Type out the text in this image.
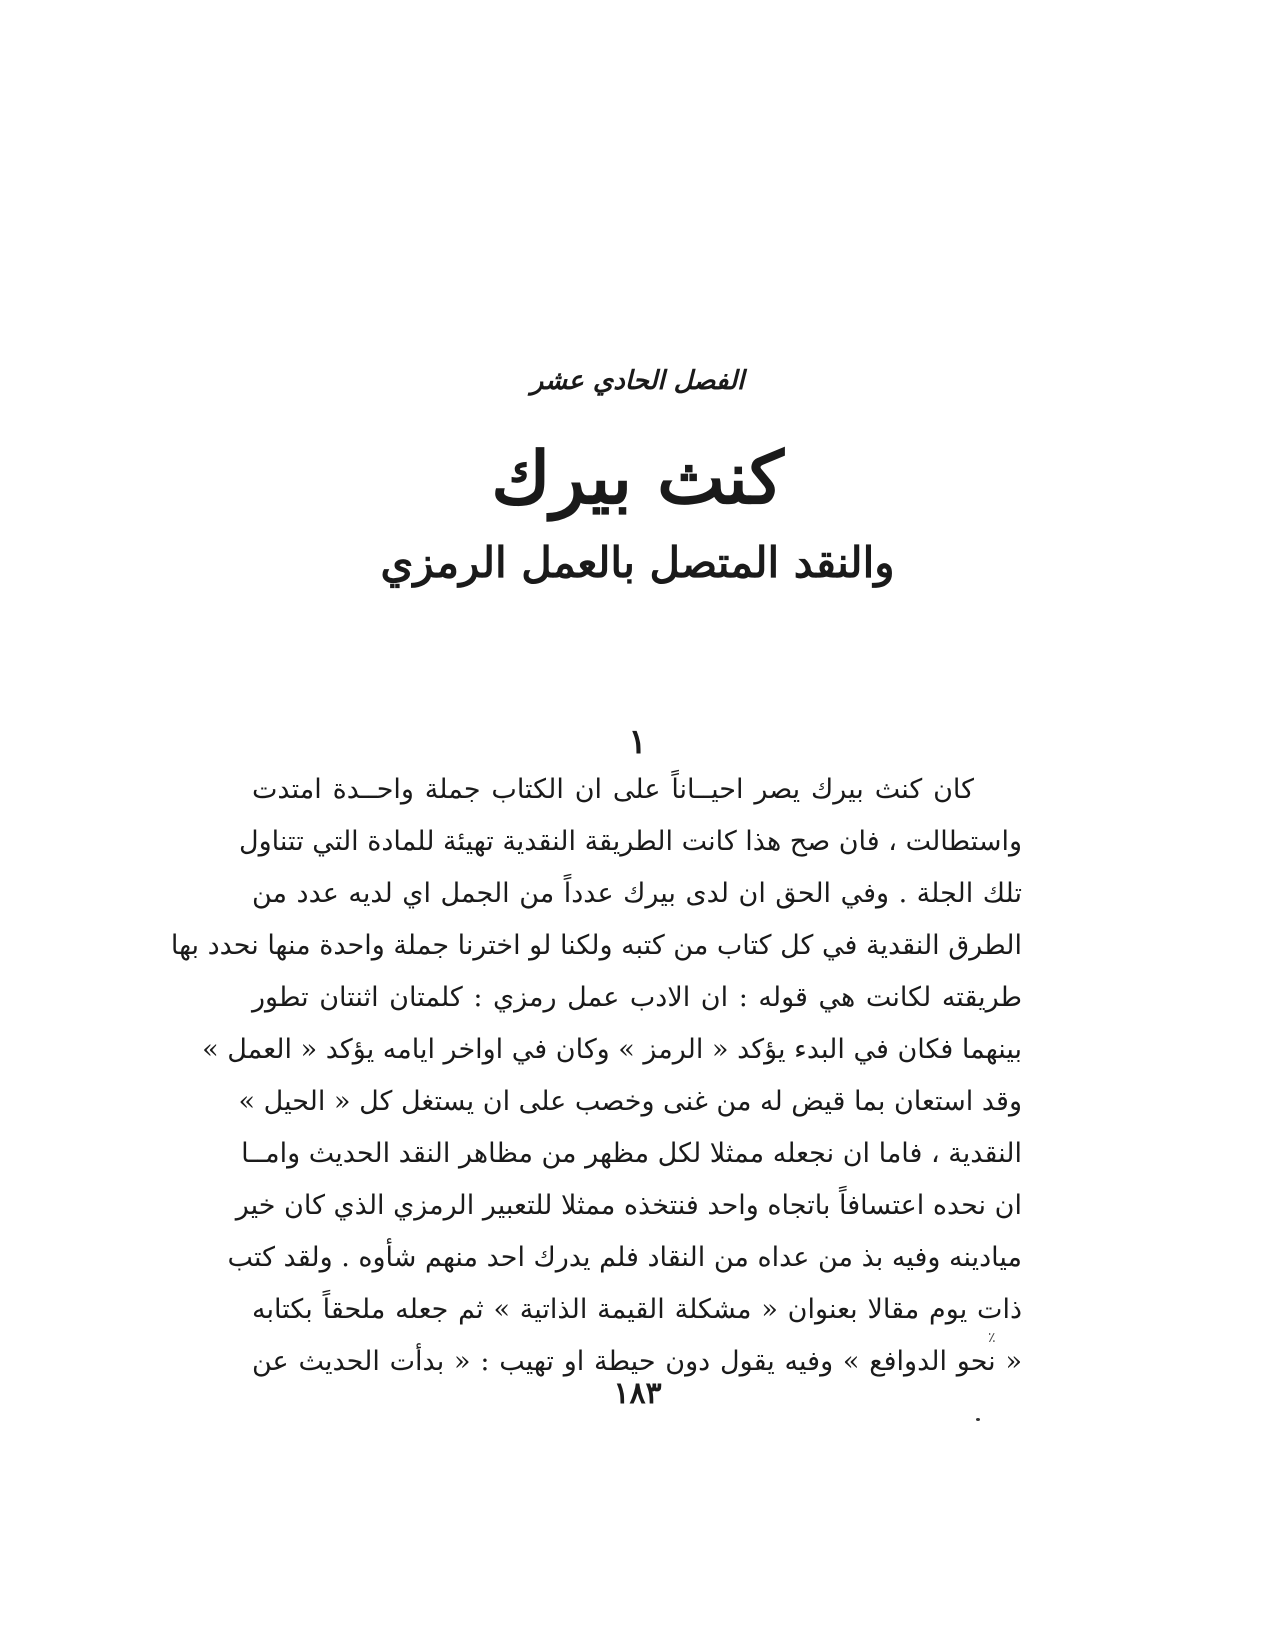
الفصل الحادي عشر
كنث بيرك
والنقد المتصل بالعمل الرمزي
١
كان كنث بيرك يصر احيــاناً على ان الكتاب جملة واحــدة امتدت
واستطالت ، فان صح هذا كانت الطريقة النقدية تهيئة للمادة التي تتناول
تلك الجلة . وفي الحق ان لدى بيرك عدداً من الجمل اي لديه عدد من
الطرق النقدية في كل كتاب من كتبه ولكنا لو اخترنا جملة واحدة منها نحدد بها
طريقته لكانت هي قوله : ان الادب عمل رمزي : كلمتان اثنتان تطور
بينهما فكان في البدء يؤكد « الرمز » وكان في اواخر ايامه يؤكد « العمل »
وقد استعان بما قيض له من غنى وخصب على ان يستغل كل « الحيل »
النقدية ، فاما ان نجعله ممثلا لكل مظهر من مظاهر النقد الحديث وامــا
ان نحده اعتسافاً باتجاه واحد فنتخذه ممثلا للتعبير الرمزي الذي كان خير
ميادينه وفيه بذ من عداه من النقاد فلم يدرك احد منهم شأوه . ولقد كتب
ذات يوم مقالا بعنوان « مشكلة القيمة الذاتية » ثم جعله ملحقاً بكتابه
« نحو الدوافع » وفيه يقول دون حيطة او تهيب : « بدأت الحديث عن
٪
١٨٣
